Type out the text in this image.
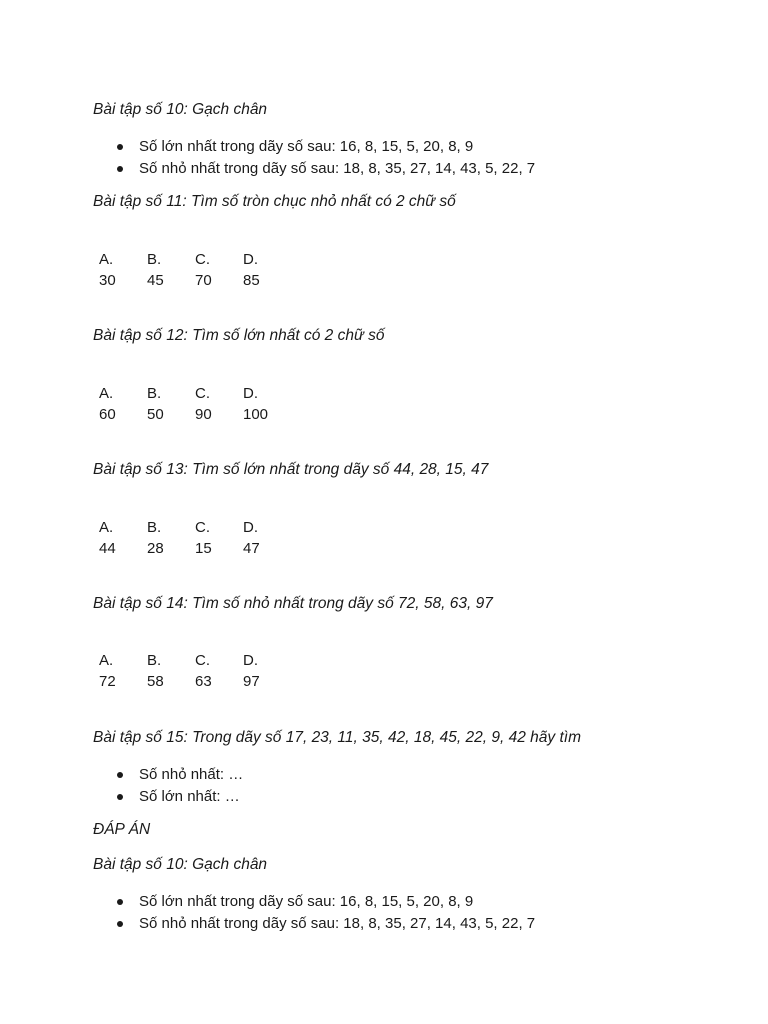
Bài tập số 10: Gạch chân
Số lớn nhất trong dãy số sau: 16, 8, 15, 5, 20, 8, 9
Số nhỏ nhất trong dãy số sau: 18, 8, 35, 27, 14, 43, 5, 22, 7
Bài tập số 11: Tìm số tròn chục nhỏ nhất có 2 chữ số
A.	B.	C.	D.
30	45	70	85
Bài tập số 12: Tìm số lớn nhất có 2 chữ số
A.	B.	C.	D.
60	50	90	100
Bài tập số 13: Tìm số lớn nhất trong dãy số 44, 28, 15, 47
A.	B.	C.	D.
44	28	15	47
Bài tập số 14: Tìm số nhỏ nhất trong dãy số 72, 58, 63, 97
A.	B.	C.	D.
72	58	63	97
Bài tập số 15: Trong dãy số 17, 23, 11, 35, 42, 18, 45, 22, 9, 42 hãy tìm
Số nhỏ nhất: …
Số lớn nhất: …
ĐÁP ÁN
Bài tập số 10: Gạch chân
Số lớn nhất trong dãy số sau: 16, 8, 15, 5, 20, 8, 9
Số nhỏ nhất trong dãy số sau: 18, 8, 35, 27, 14, 43, 5, 22, 7
